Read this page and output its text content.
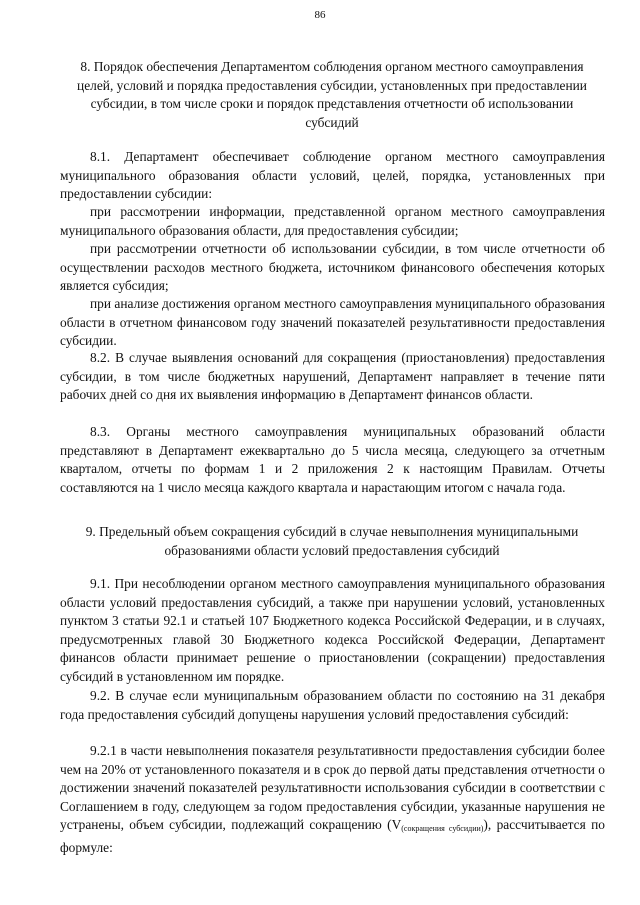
86

8. Порядок обеспечения Департаментом соблюдения органом местного самоуправления целей, условий и порядка предоставления субсидии, установленных при предоставлении субсидии, в том числе сроки и порядок представления отчетности об использовании субсидий

8.1. Департамент обеспечивает соблюдение органом местного самоуправления муниципального образования области условий, целей, порядка, установленных при предоставлении субсидии:

при рассмотрении информации, представленной органом местного самоуправления муниципального образования области, для предоставления субсидии;

при рассмотрении отчетности об использовании субсидии, в том числе отчетности об осуществлении расходов местного бюджета, источником финансового обеспечения которых является субсидия;

при анализе достижения органом местного самоуправления муниципального образования области в отчетном финансовом году значений показателей результативности предоставления субсидии.

8.2. В случае выявления оснований для сокращения (приостановления) предоставления субсидии, в том числе бюджетных нарушений, Департамент направляет в течение пяти рабочих дней со дня их выявления информацию в Департамент финансов области.

8.3. Органы местного самоуправления муниципальных образований области представляют в Департамент ежеквартально до 5 числа месяца, следующего за отчетным кварталом, отчеты по формам 1 и 2 приложения 2 к настоящим Правилам. Отчеты составляются на 1 число месяца каждого квартала и нарастающим итогом с начала года.

9. Предельный объем сокращения субсидий в случае невыполнения муниципальными образованиями области условий предоставления субсидий

9.1. При несоблюдении органом местного самоуправления муниципального образования области условий предоставления субсидий, а также при нарушении условий, установленных пунктом 3 статьи 92.1 и статьей 107 Бюджетного кодекса Российской Федерации, и в случаях, предусмотренных главой 30 Бюджетного кодекса Российской Федерации, Департамент финансов области принимает решение о приостановлении (сокращении) предоставления субсидий в установленном им порядке.

9.2. В случае если муниципальным образованием области по состоянию на 31 декабря года предоставления субсидий допущены нарушения условий предоставления субсидий:

9.2.1 в части невыполнения показателя результативности предоставления субсидии более чем на 20% от установленного показателя и в срок до первой даты представления отчетности о достижении значений показателей результативности использования субсидии в соответствии с Соглашением в году, следующем за годом предоставления субсидии, указанные нарушения не устранены, объем субсидии, подлежащий сокращению $(V_{(сокращения субсидии)})$, рассчитывается по формуле:
